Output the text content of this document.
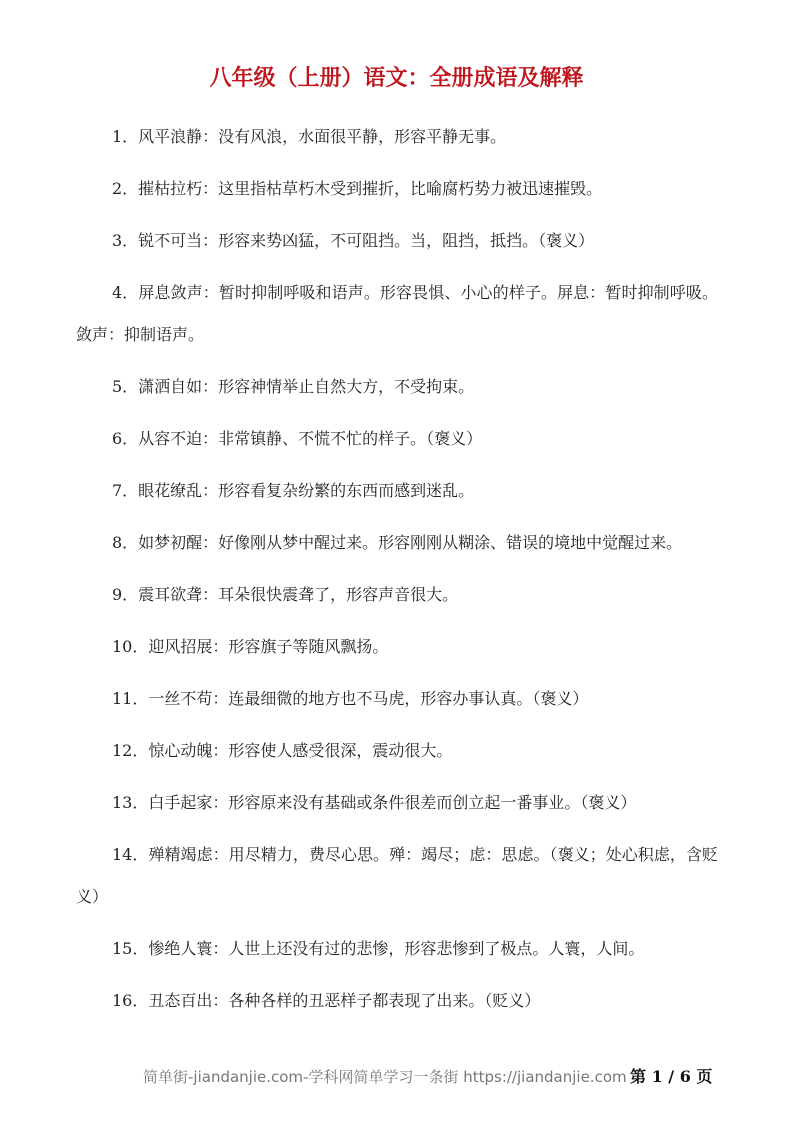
八年级（上册）语文：全册成语及解释

1．风平浪静：没有风浪，水面很平静，形容平静无事。

2．摧枯拉朽：这里指枯草朽木受到摧折，比喻腐朽势力被迅速摧毁。

3．锐不可当：形容来势凶猛，不可阻挡。当，阻挡，抵挡。（褒义）

4．屏息敛声：暂时抑制呼吸和语声。形容畏惧、小心的样子。屏息：暂时抑制呼吸。敛声：抑制语声。

5．潇洒自如：形容神情举止自然大方，不受拘束。

6．从容不迫：非常镇静、不慌不忙的样子。（褒义）

7．眼花缭乱：形容看复杂纷繁的东西而感到迷乱。

8．如梦初醒：好像刚从梦中醒过来。形容刚刚从糊涂、错误的境地中觉醒过来。

9．震耳欲聋：耳朵很快震聋了，形容声音很大。

10．迎风招展：形容旗子等随风飘扬。

11．一丝不苟：连最细微的地方也不马虎，形容办事认真。（褒义）

12．惊心动魄：形容使人感受很深，震动很大。

13．白手起家：形容原来没有基础或条件很差而创立起一番事业。（褒义）

14．殚精竭虑：用尽精力，费尽心思。殚：竭尽；虑：思虑。（褒义；处心积虑，含贬义）

15．惨绝人寰：人世上还没有过的悲惨，形容悲惨到了极点。人寰，人间。

16．丑态百出：各种各样的丑恶样子都表现了出来。（贬义）

简单街-jiandanjie.com-学科网简单学习一条街 https://jiandanjie.com 第 1 / 6 页
